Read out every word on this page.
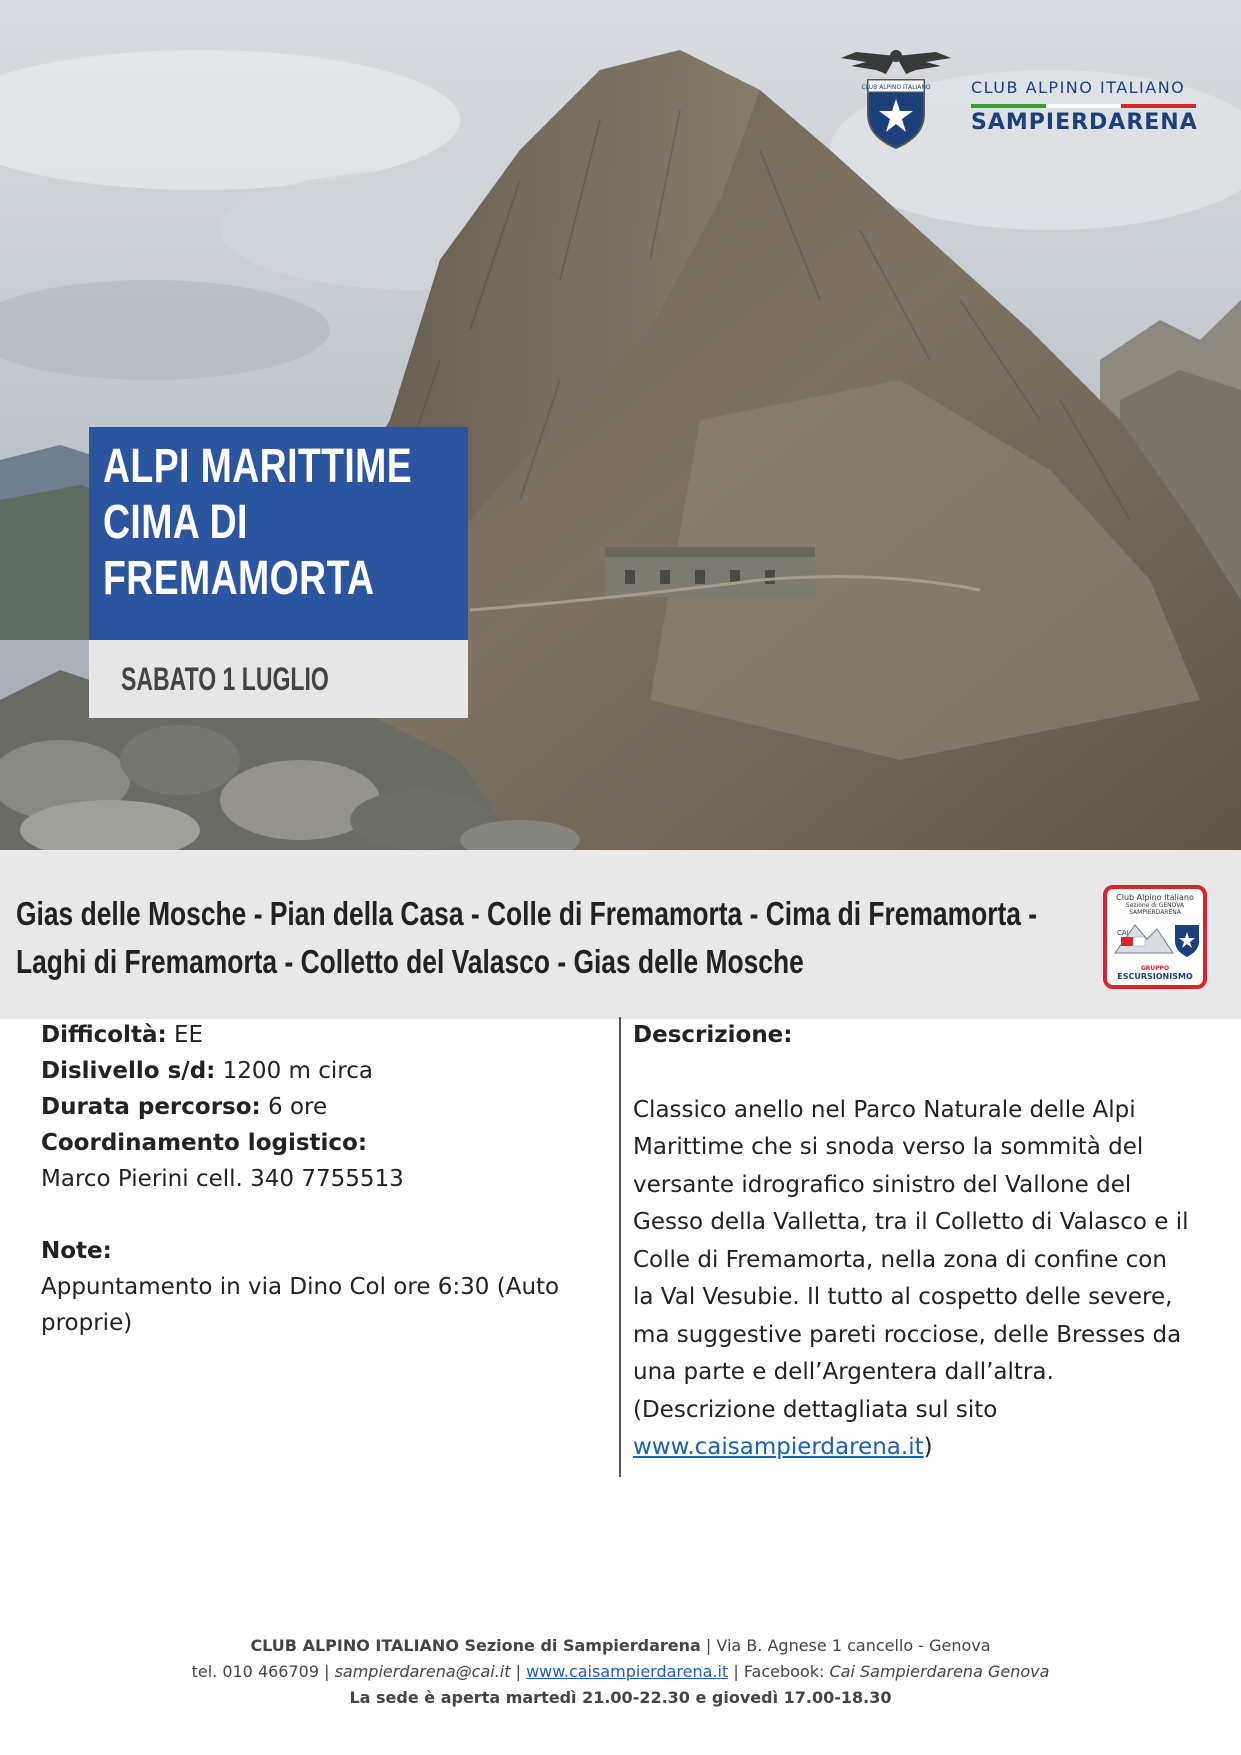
CLUB ALPINO ITALIANO	CLUB ALPINO ITALIANO
SAMPIERDARENA
ALPI MARITTIME
CIMA DI
FREMAMORTA
SABATO 1 LUGLIO
Gias delle Mosche - Pian della Casa - Colle di Fremamorta - Cima di Fremamorta -
Laghi di Fremamorta - Colletto del Valasco - Gias delle Mosche
Club Alpino Italiano
Sezione di GENOVA
SAMPIERDARENA
CAI
GRUPPO
ESCURSIONISMO
Difficoltà: EE
Dislivello s/d: 1200 m circa
Durata percorso: 6 ore
Coordinamento logistico:
Marco Pierini cell. 340 7755513
Note:
Appuntamento in via Dino Col ore 6:30 (Auto
proprie)
Descrizione:
Classico anello nel Parco Naturale delle Alpi
Marittime che si snoda verso la sommità del
versante idrografico sinistro del Vallone del
Gesso della Valletta, tra il Colletto di Valasco e il
Colle di Fremamorta, nella zona di confine con
la Val Vesubie. Il tutto al cospetto delle severe,
ma suggestive pareti rocciose, delle Bresses da
una parte e dell’Argentera dall’altra.
(Descrizione dettagliata sul sito
www.caisampierdarena.it)
CLUB ALPINO ITALIANO Sezione di Sampierdarena | Via B. Agnese 1 cancello - Genova
tel. 010 466709 | sampierdarena@cai.it | www.caisampierdarena.it | Facebook: Cai Sampierdarena Genova
La sede è aperta martedì 21.00-22.30 e giovedì 17.00-18.30
